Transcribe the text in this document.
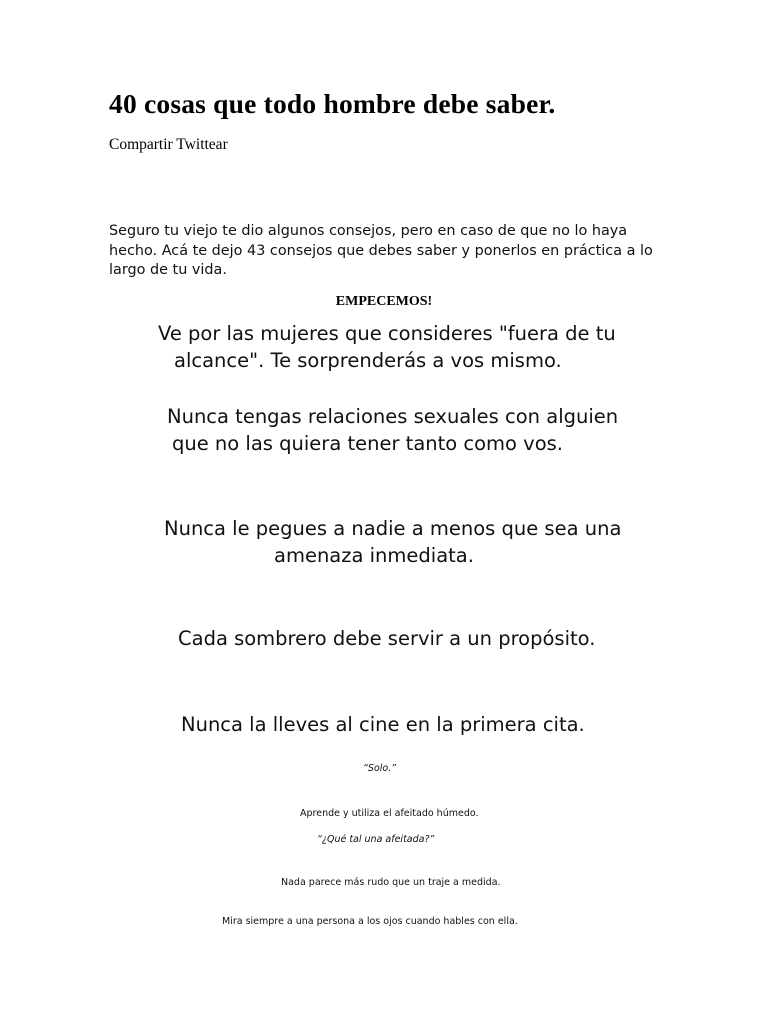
40 cosas que todo hombre debe saber.
Compartir Twittear
Seguro tu viejo te dio algunos consejos, pero en caso de que no lo haya hecho. Acá te dejo 43 consejos que debes saber y ponerlos en práctica a lo largo de tu vida.
EMPECEMOS!
Ve por las mujeres que consideres "fuera de tu
alcance". Te sorprenderás a vos mismo.
Nunca tengas relaciones sexuales con alguien
que no las quiera tener tanto como vos.
Nunca le pegues a nadie a menos que sea una
amenaza inmediata.
Cada sombrero debe servir a un propósito.
Nunca la lleves al cine en la primera cita.
“Solo.”
Aprende y utiliza el afeitado húmedo.
“¿Qué tal una afeitada?”
Nada parece más rudo que un traje a medida.
Mira siempre a una persona a los ojos cuando hables con ella.
